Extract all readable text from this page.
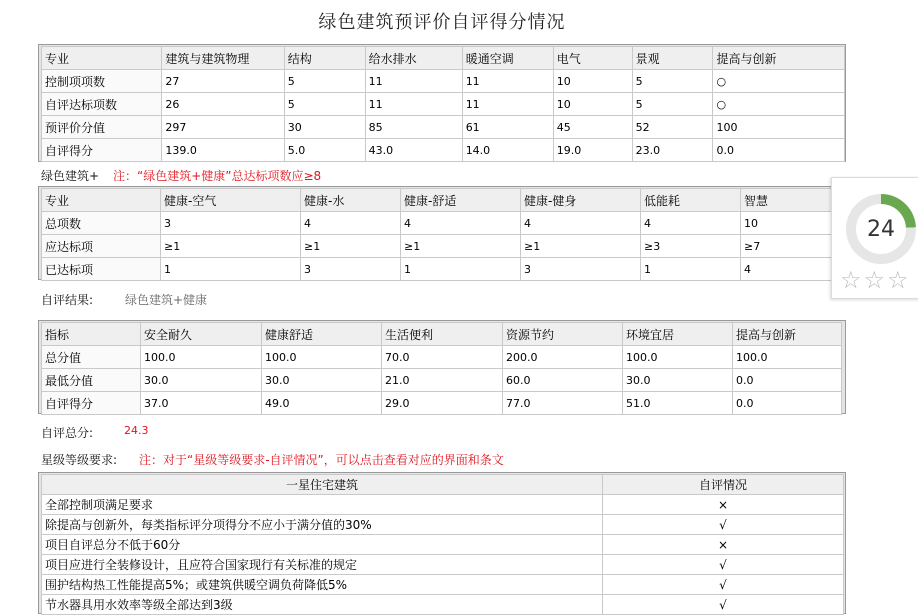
绿色建筑预评价自评得分情况
专业	建筑与建筑物理	结构	给水排水	暖通空调	电气	景观	提高与创新
控制项项数	27	5	11	11	10	5	○
自评达标项数	26	5	11	11	10	5	○
预评价分值	297	30	85	61	45	52	100
自评得分	139.0	5.0	43.0	14.0	19.0	23.0	0.0
绿色建筑+ 注：“绿色建筑+健康”总达标项数应≥8
专业	健康-空气	健康-水	健康-舒适	健康-健身	低能耗	智慧
总项数	3	4	4	4	4	10
应达标项	≥1	≥1	≥1	≥1	≥3	≥7
已达标项	1	3	1	3	1	4
自评结果:	绿色建筑+健康
指标	安全耐久	健康舒适	生活便利	资源节约	环境宜居	提高与创新
总分值	100.0	100.0	70.0	200.0	100.0	100.0
最低分值	30.0	30.0	21.0	60.0	30.0	0.0
自评得分	37.0	49.0	29.0	77.0	51.0	0.0
自评总分:	24.3
星级等级要求: 注：对于“星级等级要求-自评情况”，可以点击查看对应的界面和条文
一星住宅建筑	自评情况
全部控制项满足要求	×
除提高与创新外，每类指标评分项得分不应小于满分值的30%	√
项目自评总分不低于60分	×
项目应进行全装修设计，且应符合国家现行有关标准的规定	√
围护结构热工性能提高5%；或建筑供暖空调负荷降低5%	√
节水器具用水效率等级全部达到3级	√
24
☆☆☆
